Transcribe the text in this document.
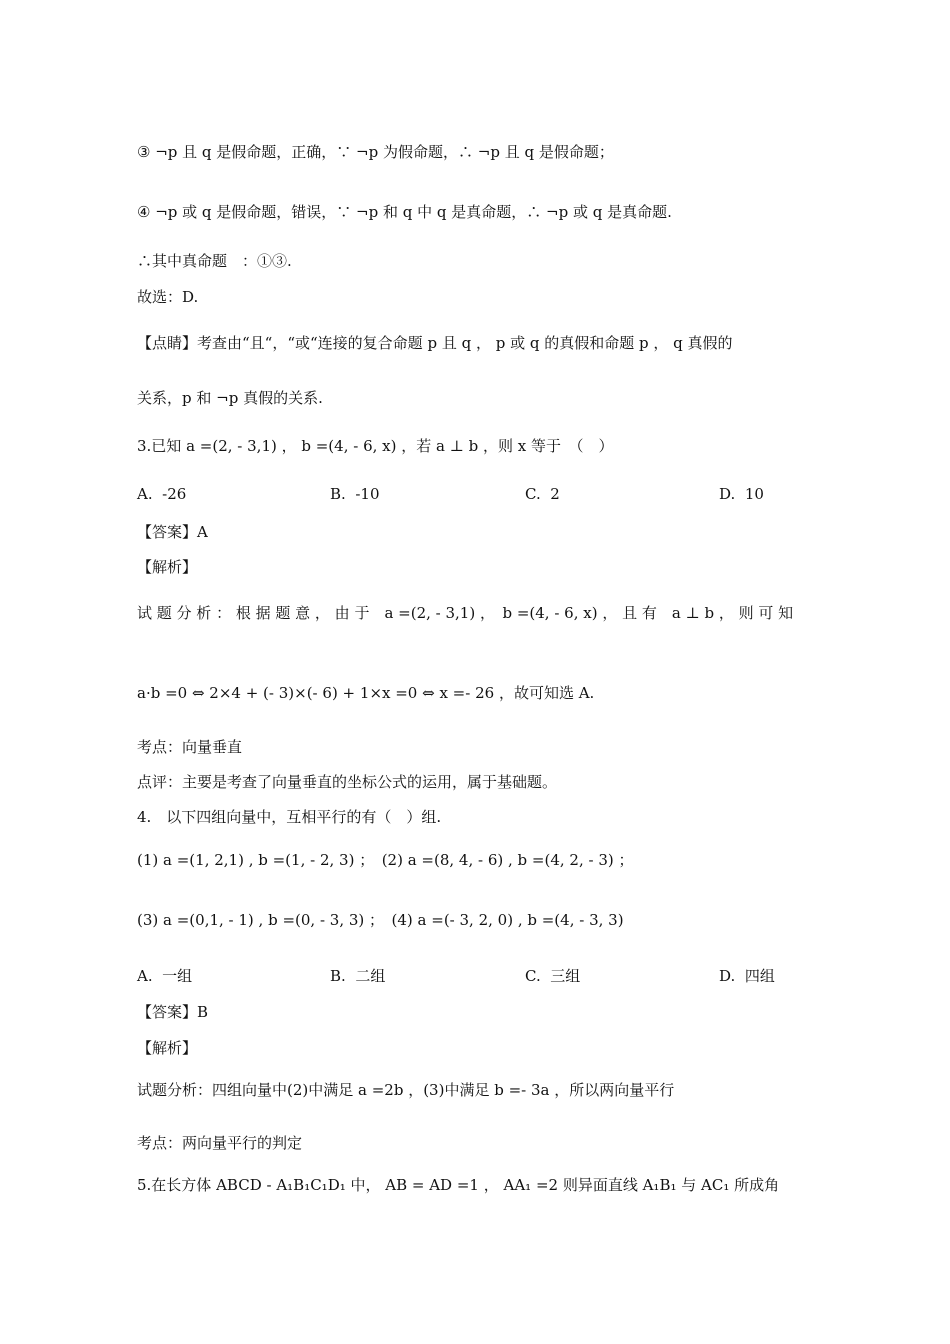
③ ¬p 且 q 是假命题，正确，∵ ¬p 为假命题，∴ ¬p 且 q 是假命题；
④ ¬p 或 q 是假命题，错误，∵ ¬p 和 q 中 q 是真命题，∴ ¬p 或 q 是真命题.
∴其中真命题　：①③.
故选：D.
【点睛】考查由“且“，“或“连接的复合命题 p 且 q ， p 或 q 的真假和命题 p ， q 真假的
关系，p 和 ¬p 真假的关系.
3.已知 a =(2, - 3,1) ， b =(4, - 6, x) ，若 a ⊥ b ，则 x 等于　（　）
A. -26	B. -10	C. 2	D. 10
【答案】A
【解析】
试 题 分 析 ： 根 据 题 意 ， 由 于　a =(2, - 3,1) ，　b =(4, - 6, x) ， 且 有　a ⊥ b ， 则 可 知
a·b =0 ⇔ 2×4 + (- 3)×(- 6) + 1×x =0 ⇔ x =- 26 ，故可知选 A.
考点：向量垂直
点评：主要是考查了向量垂直的坐标公式的运用，属于基础题。
4.　以下四组向量中，互相平行的有（　）组.
(1) a =(1, 2,1) , b =(1, - 2, 3) ；　(2) a =(8, 4, - 6) , b =(4, 2, - 3) ；
(3) a =(0,1, - 1) , b =(0, - 3, 3) ；　(4) a =(- 3, 2, 0) , b =(4, - 3, 3)
A. 一组	B. 二组	C. 三组	D. 四组
【答案】B
【解析】
试题分析：四组向量中(2)中满足 a =2b ，(3)中满足 b =- 3a ，所以两向量平行
考点：两向量平行的判定
5.在长方体 ABCD - A₁B₁C₁D₁ 中， AB = AD =1 ， AA₁ =2 则异面直线 A₁B₁ 与 AC₁ 所成角
